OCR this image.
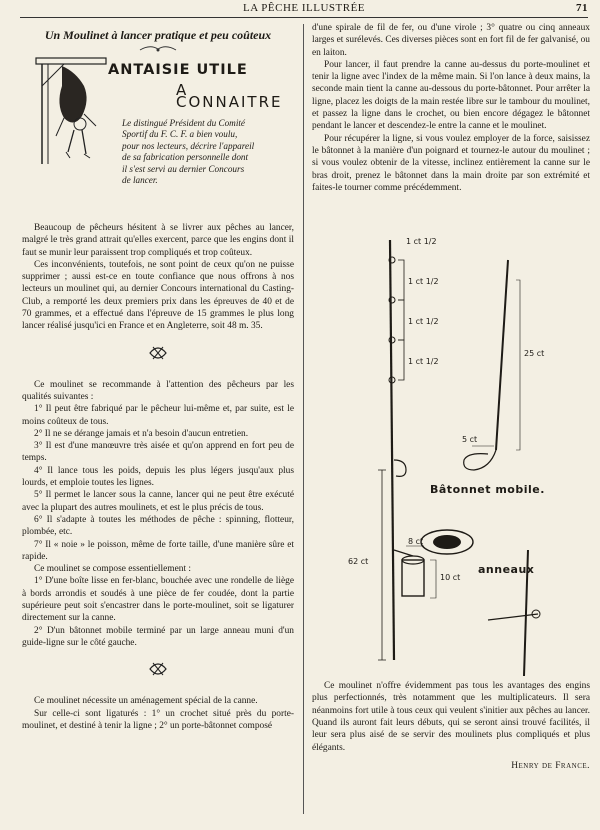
LA PÊCHE ILLUSTRÉE	71
Un Moulinet à lancer pratique et peu coûteux
ANTAISIE UTILE
A CONNAITRE
Le distingué Président du Comité
Sportif du F. C. F. a bien voulu,
pour nos lecteurs, décrire l'appareil
de sa fabrication personnelle dont
il s'est servi au dernier Concours
de lancer.

Beaucoup de pêcheurs hésitent à se livrer aux pêches au lancer, malgré le très grand attrait qu'elles exercent, parce que les engins dont il faut se munir leur paraissent trop compliqués et trop coûteux.

Ces inconvénients, toutefois, ne sont point de ceux qu'on ne puisse supprimer ; aussi est-ce en toute confiance que nous offrons à nos lecteurs un moulinet qui, au dernier Concours international du Casting-Club, a remporté les deux premiers prix dans les épreuves de 40 et de 70 grammes, et a effectué dans l'épreuve de 15 grammes le plus long lancer réalisé jusqu'ici en France et en Angleterre, soit 48 m. 35.

Ce moulinet se recommande à l'attention des pêcheurs par les qualités suivantes :

1° Il peut être fabriqué par le pêcheur lui-même et, par suite, est le moins coûteux de tous.

2° Il ne se dérange jamais et n'a besoin d'aucun entretien.

3° Il est d'une manœuvre très aisée et qu'on apprend en fort peu de temps.

4° Il lance tous les poids, depuis les plus légers jusqu'aux plus lourds, et emploie toutes les lignes.

5° Il permet le lancer sous la canne, lancer qui ne peut être exécuté avec la plupart des autres moulinets, et est le plus précis de tous.

6° Il s'adapte à toutes les méthodes de pêche : spinning, flotteur, plombée, etc.

7° Il « noie » le poisson, même de forte taille, d'une manière sûre et rapide.

Ce moulinet se compose essentiellement :

1° D'une boîte lisse en fer-blanc, bouchée avec une rondelle de liège à bords arrondis et soudés à une pièce de fer coudée, dont la partie supérieure peut soit s'encastrer dans le porte-moulinet, soit se ligaturer directement sur la canne.

2° D'un bâtonnet mobile terminé par un large anneau muni d'un guide-ligne sur le côté gauche.

Ce moulinet nécessite un aménagement spécial de la canne.

Sur celle-ci sont ligaturés : 1° un crochet situé près du porte-moulinet, et destiné à tenir la ligne ; 2° un porte-bâtonnet composé

d'une spirale de fil de fer, ou d'une virole ; 3° quatre ou cinq anneaux larges et surélevés. Ces diverses pièces sont en fort fil de fer galvanisé, ou en laiton.

Pour lancer, il faut prendre la canne au-dessus du porte-moulinet et tenir la ligne avec l'index de la même main. Si l'on lance à deux mains, la seconde main tient la canne au-dessous du porte-bâtonnet. Pour arrêter la ligne, placez les doigts de la main restée libre sur le tambour du moulinet, et passez la ligne dans le crochet, ou bien encore dégagez le bâtonnet pendant le lancer et descendez-le entre la canne et le moulinet.

Pour récupérer la ligne, si vous voulez employer de la force, saisissez le bâtonnet à la manière d'un poignard et tournez-le autour du moulinet ; si vous voulez obtenir de la vitesse, inclinez entièrement la canne sur le bras droit, prenez le bâtonnet dans la main droite par son extrémité et faites-le tourner comme précédemment.

1 ct 1/2
1 ct 1/2
1 ct 1/2
1 ct 1/2
25 ct
5 ct
62 ct
8 ct
10 ct
Bâtonnet mobile.
anneaux

Ce moulinet n'offre évidemment pas tous les avantages des engins plus perfectionnés, très notamment que les multiplicateurs. Il sera néanmoins fort utile à tous ceux qui veulent s'initier aux pêches au lancer. Quand ils auront fait leurs débuts, qui se seront ainsi trouvé facilités, il leur sera plus aisé de se servir des moulinets plus compliqués et plus élégants.

Henry de France.
